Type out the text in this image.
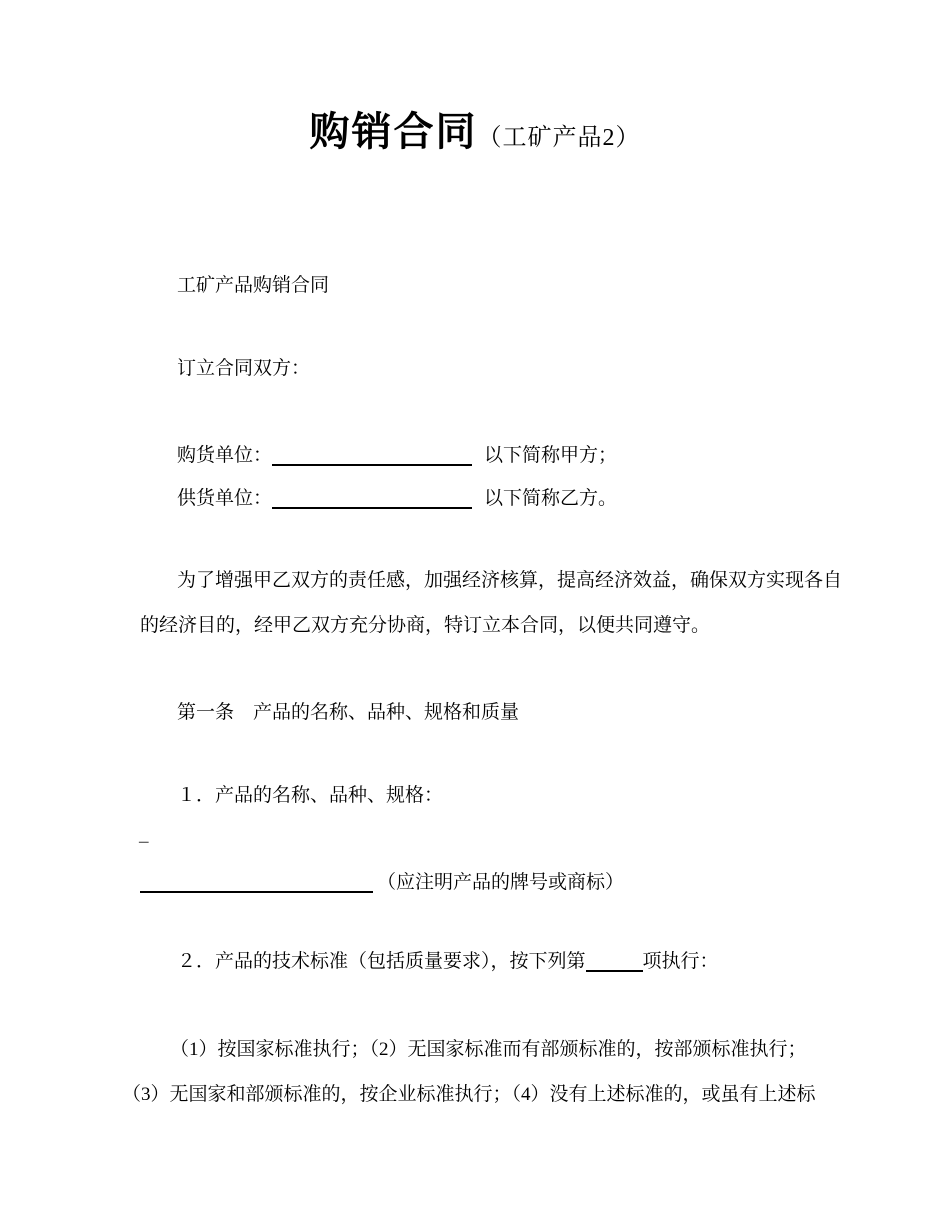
购销合同（工矿产品2）
工矿产品购销合同
订立合同双方：
购货单位：	以下简称甲方；
供货单位：	以下简称乙方。
为了增强甲乙双方的责任感，加强经济核算，提高经济效益，确保双方实现各自
的经济目的，经甲乙双方充分协商，特订立本合同，以便共同遵守。
第一条　产品的名称、品种、规格和质量
１．产品的名称、品种、规格：
–
（应注明产品的牌号或商标）
２．产品的技术标准（包括质量要求），按下列第	项执行：
（1）按国家标准执行；（2）无国家标准而有部颁标准的，按部颁标准执行；
（3）无国家和部颁标准的，按企业标准执行；（4）没有上述标准的，或虽有上述标
